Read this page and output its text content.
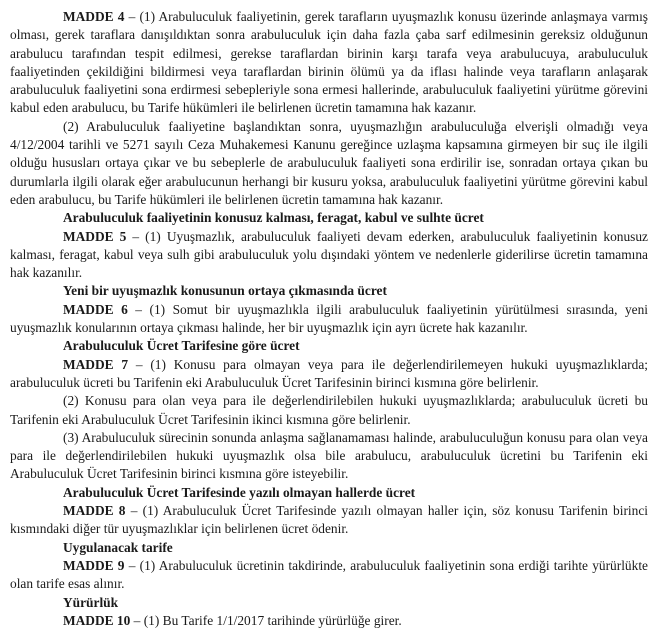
MADDE 4 – (1) Arabuluculuk faaliyetinin, gerek tarafların uyuşmazlık konusu üzerinde anlaşmaya varmış olması, gerek taraflara danışıldıktan sonra arabuluculuk için daha fazla çaba sarf edilmesinin gereksiz olduğunun arabulucu tarafından tespit edilmesi, gerekse taraflardan birinin karşı tarafa veya arabulucuya, arabuluculuk faaliyetinden çekildiğini bildirmesi veya taraflardan birinin ölümü ya da iflası halinde veya tarafların anlaşarak arabuluculuk faaliyetini sona erdirmesi sebepleriyle sona ermesi hallerinde, arabuluculuk faaliyetini yürütme görevini kabul eden arabulucu, bu Tarife hükümleri ile belirlenen ücretin tamamına hak kazanır.

(2) Arabuluculuk faaliyetine başlandıktan sonra, uyuşmazlığın arabuluculuğa elverişli olmadığı veya 4/12/2004 tarihli ve 5271 sayılı Ceza Muhakemesi Kanunu gereğince uzlaşma kapsamına girmeyen bir suç ile ilgili olduğu hususları ortaya çıkar ve bu sebeplerle de arabuluculuk faaliyeti sona erdirilir ise, sonradan ortaya çıkan bu durumlarla ilgili olarak eğer arabulucunun herhangi bir kusuru yoksa, arabuluculuk faaliyetini yürütme görevini kabul eden arabulucu, bu Tarife hükümleri ile belirlenen ücretin tamamına hak kazanır.

Arabuluculuk faaliyetinin konusuz kalması, feragat, kabul ve sulhte ücret

MADDE 5 – (1) Uyuşmazlık, arabuluculuk faaliyeti devam ederken, arabuluculuk faaliyetinin konusuz kalması, feragat, kabul veya sulh gibi arabuluculuk yolu dışındaki yöntem ve nedenlerle giderilirse ücretin tamamına hak kazanılır.

Yeni bir uyuşmazlık konusunun ortaya çıkmasında ücret

MADDE 6 – (1) Somut bir uyuşmazlıkla ilgili arabuluculuk faaliyetinin yürütülmesi sırasında, yeni uyuşmazlık konularının ortaya çıkması halinde, her bir uyuşmazlık için ayrı ücrete hak kazanılır.

Arabuluculuk Ücret Tarifesine göre ücret

MADDE 7 – (1) Konusu para olmayan veya para ile değerlendirilemeyen hukuki uyuşmazlıklarda; arabuluculuk ücreti bu Tarifenin eki Arabuluculuk Ücret Tarifesinin birinci kısmına göre belirlenir.

(2) Konusu para olan veya para ile değerlendirilebilen hukuki uyuşmazlıklarda; arabuluculuk ücreti bu Tarifenin eki Arabuluculuk Ücret Tarifesinin ikinci kısmına göre belirlenir.

(3) Arabuluculuk sürecinin sonunda anlaşma sağlanamaması halinde, arabuluculuğun konusu para olan veya para ile değerlendirilebilen hukuki uyuşmazlık olsa bile arabulucu, arabuluculuk ücretini bu Tarifenin eki Arabuluculuk Ücret Tarifesinin birinci kısmına göre isteyebilir.

Arabuluculuk Ücret Tarifesinde yazılı olmayan hallerde ücret

MADDE 8 – (1) Arabuluculuk Ücret Tarifesinde yazılı olmayan haller için, söz konusu Tarifenin birinci kısmındaki diğer tür uyuşmazlıklar için belirlenen ücret ödenir.

Uygulanacak tarife

MADDE 9 – (1) Arabuluculuk ücretinin takdirinde, arabuluculuk faaliyetinin sona erdiği tarihte yürürlükte olan tarife esas alınır.

Yürürlük

MADDE 10 – (1) Bu Tarife 1/1/2017 tarihinde yürürlüğe girer.
